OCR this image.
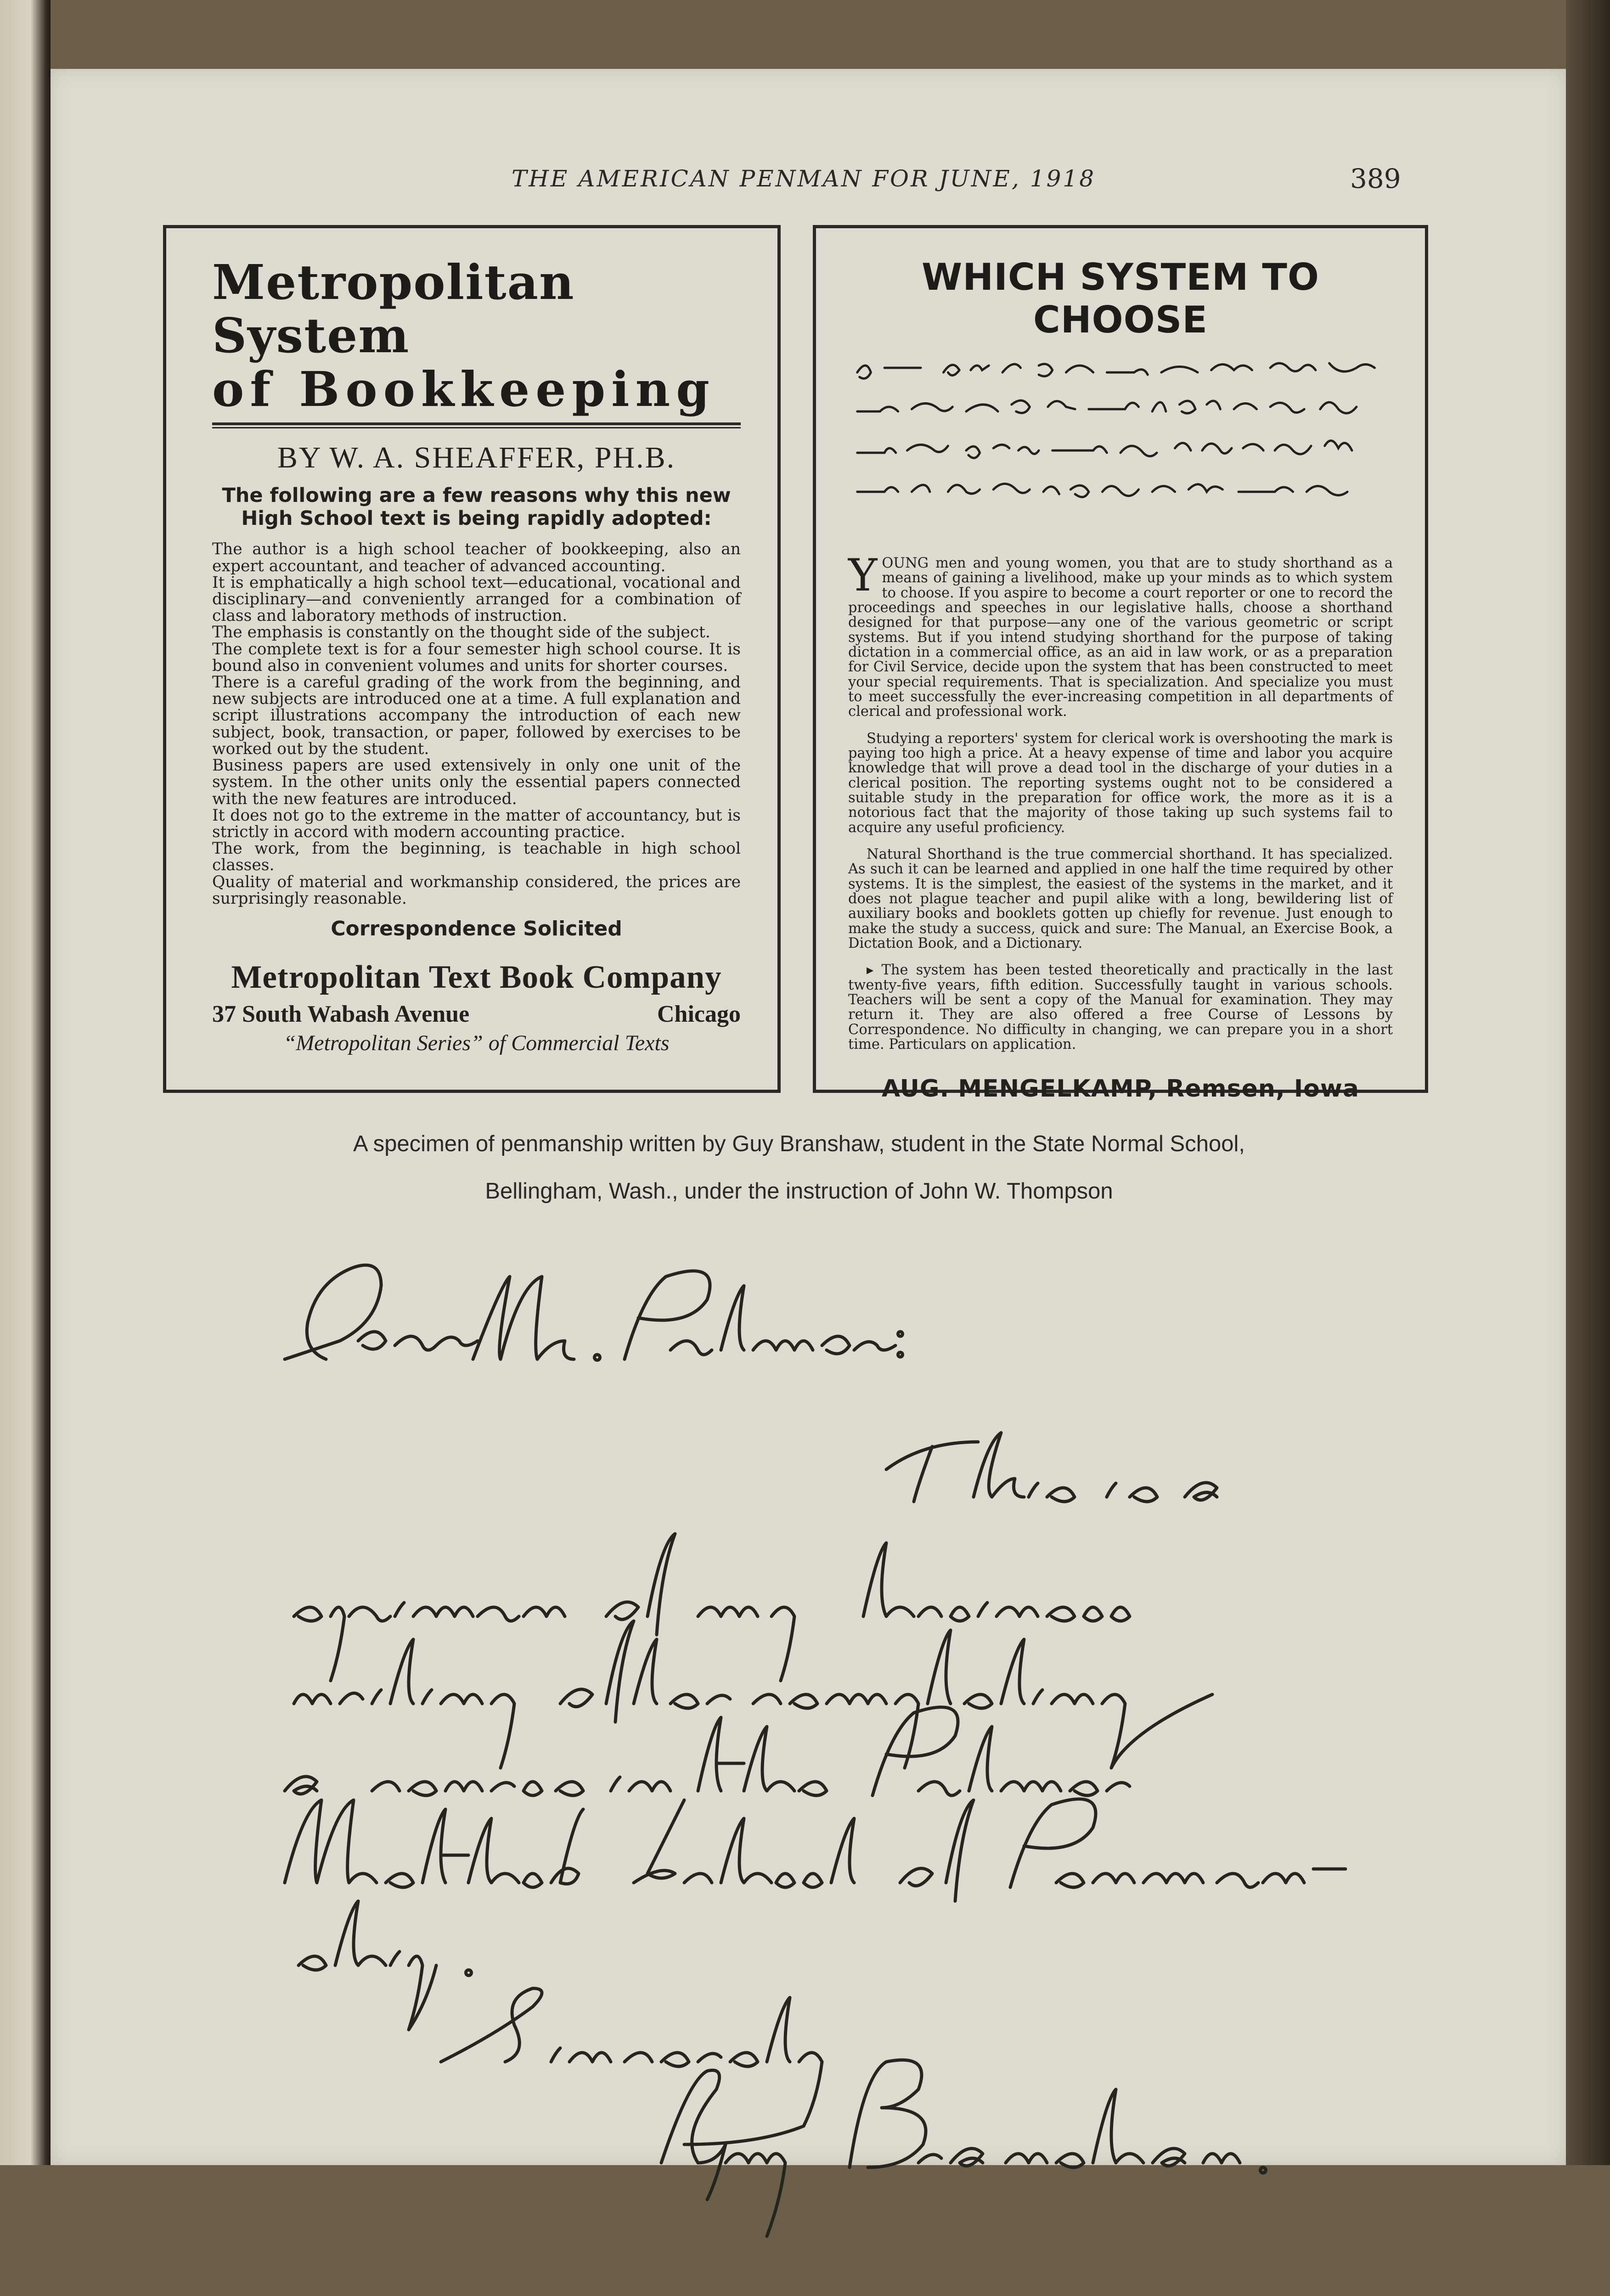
THE AMERICAN PENMAN FOR JUNE, 1918	389
Metropolitan System
of Bookkeeping
BY W. A. SHEAFFER, PH.B.
The following are a few reasons why this new High School text is being rapidly adopted:

The author is a high school teacher of bookkeeping, also an expert accountant, and teacher of advanced accounting.

It is emphatically a high school text—educational, vocational and disciplinary—and conveniently arranged for a combination of class and laboratory methods of instruction.

The emphasis is constantly on the thought side of the subject.

The complete text is for a four semester high school course. It is bound also in convenient volumes and units for shorter courses.

There is a careful grading of the work from the beginning, and new subjects are introduced one at a time. A full explanation and script illustrations accompany the introduction of each new subject, book, transaction, or paper, followed by exercises to be worked out by the student.

Business papers are used extensively in only one unit of the system. In the other units only the essential papers connected with the new features are introduced.

It does not go to the extreme in the matter of accountancy, but is strictly in accord with modern accounting practice.

The work, from the beginning, is teachable in high school classes.

Quality of material and workmanship considered, the prices are surprisingly reasonable.

Correspondence Solicited
Metropolitan Text Book Company
37 South Wabash Avenue	Chicago
“Metropolitan Series” of Commercial Texts
WHICH SYSTEM TO CHOOSE

YOUNG men and young women, you that are to study shorthand as a means of gaining a livelihood, make up your minds as to which system to choose. If you aspire to become a court reporter or one to record the proceedings and speeches in our legislative halls, choose a shorthand designed for that purpose—any one of the various geometric or script systems. But if you intend studying shorthand for the purpose of taking dictation in a commercial office, as an aid in law work, or as a preparation for Civil Service, decide upon the system that has been constructed to meet your special requirements. That is specialization. And specialize you must to meet successfully the ever-increasing competition in all departments of clerical and professional work.

Studying a reporters' system for clerical work is overshooting the mark is paying too high a price. At a heavy expense of time and labor you acquire knowledge that will prove a dead tool in the discharge of your duties in a clerical position. The reporting systems ought not to be considered a suitable study in the preparation for office work, the more as it is a notorious fact that the majority of those taking up such systems fail to acquire any useful proficiency.

Natural Shorthand is the true commercial shorthand. It has specialized. As such it can be learned and applied in one half the time required by other systems. It is the simplest, the easiest of the systems in the market, and it does not plague teacher and pupil alike with a long, bewildering list of auxiliary books and booklets gotten up chiefly for revenue. Just enough to make the study a success, quick and sure: The Manual, an Exercise Book, a Dictation Book, and a Dictionary.

▸ The system has been tested theoretically and practically in the last twenty-five years, fifth edition. Successfully taught in various schools. Teachers will be sent a copy of the Manual for examination. They may return it. They are also offered a free Course of Lessons by Correspondence. No difficulty in changing, we can prepare you in a short time. Particulars on application.

AUG. MENGELKAMP, Remsen, Iowa
A specimen of penmanship written by Guy Branshaw, student in the State Normal School,
Bellingham, Wash., under the instruction of John W. Thompson
